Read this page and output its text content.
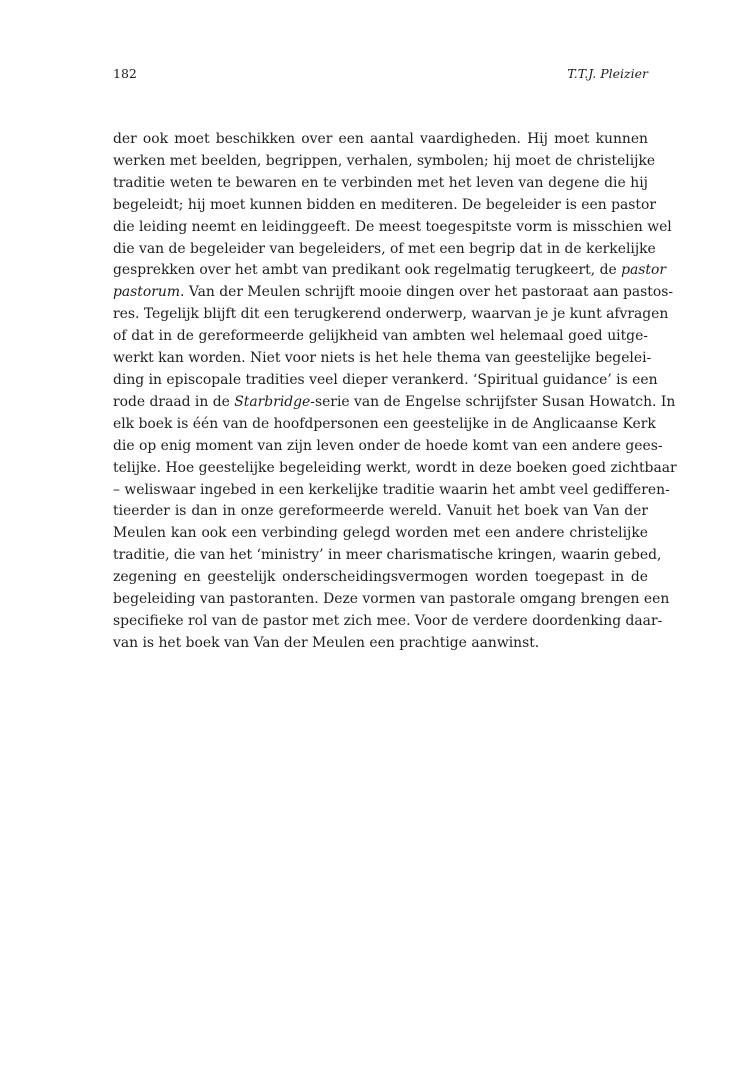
182	T.T.J. Pleizier
der ook moet beschikken over een aantal vaardigheden. Hij moet kunnen
werken met beelden, begrippen, verhalen, symbolen; hij moet de christelijke
traditie weten te bewaren en te verbinden met het leven van degene die hij
begeleidt; hij moet kunnen bidden en mediteren. De begeleider is een pastor
die leiding neemt en leidinggeeft. De meest toegespitste vorm is misschien wel
die van de begeleider van begeleiders, of met een begrip dat in de kerkelijke
gesprekken over het ambt van predikant ook regelmatig terugkeert, de pastor
pastorum. Van der Meulen schrijft mooie dingen over het pastoraat aan pastos-
res. Tegelijk blijft dit een terugkerend onderwerp, waarvan je je kunt afvragen
of dat in de gereformeerde gelijkheid van ambten wel helemaal goed uitge-
werkt kan worden. Niet voor niets is het hele thema van geestelijke begelei-
ding in episcopale tradities veel dieper verankerd. ‘Spiritual guidance’ is een
rode draad in de Starbridge-serie van de Engelse schrijfster Susan Howatch. In
elk boek is één van de hoofdpersonen een geestelijke in de Anglicaanse Kerk
die op enig moment van zijn leven onder de hoede komt van een andere gees-
telijke. Hoe geestelijke begeleiding werkt, wordt in deze boeken goed zichtbaar
– weliswaar ingebed in een kerkelijke traditie waarin het ambt veel gedifferen-
tieerder is dan in onze gereformeerde wereld. Vanuit het boek van Van der
Meulen kan ook een verbinding gelegd worden met een andere christelijke
traditie, die van het ‘ministry’ in meer charismatische kringen, waarin gebed,
zegening en geestelijk onderscheidingsvermogen worden toegepast in de
begeleiding van pastoranten. Deze vormen van pastorale omgang brengen een
specifieke rol van de pastor met zich mee. Voor de verdere doordenking daar-
van is het boek van Van der Meulen een prachtige aanwinst.
